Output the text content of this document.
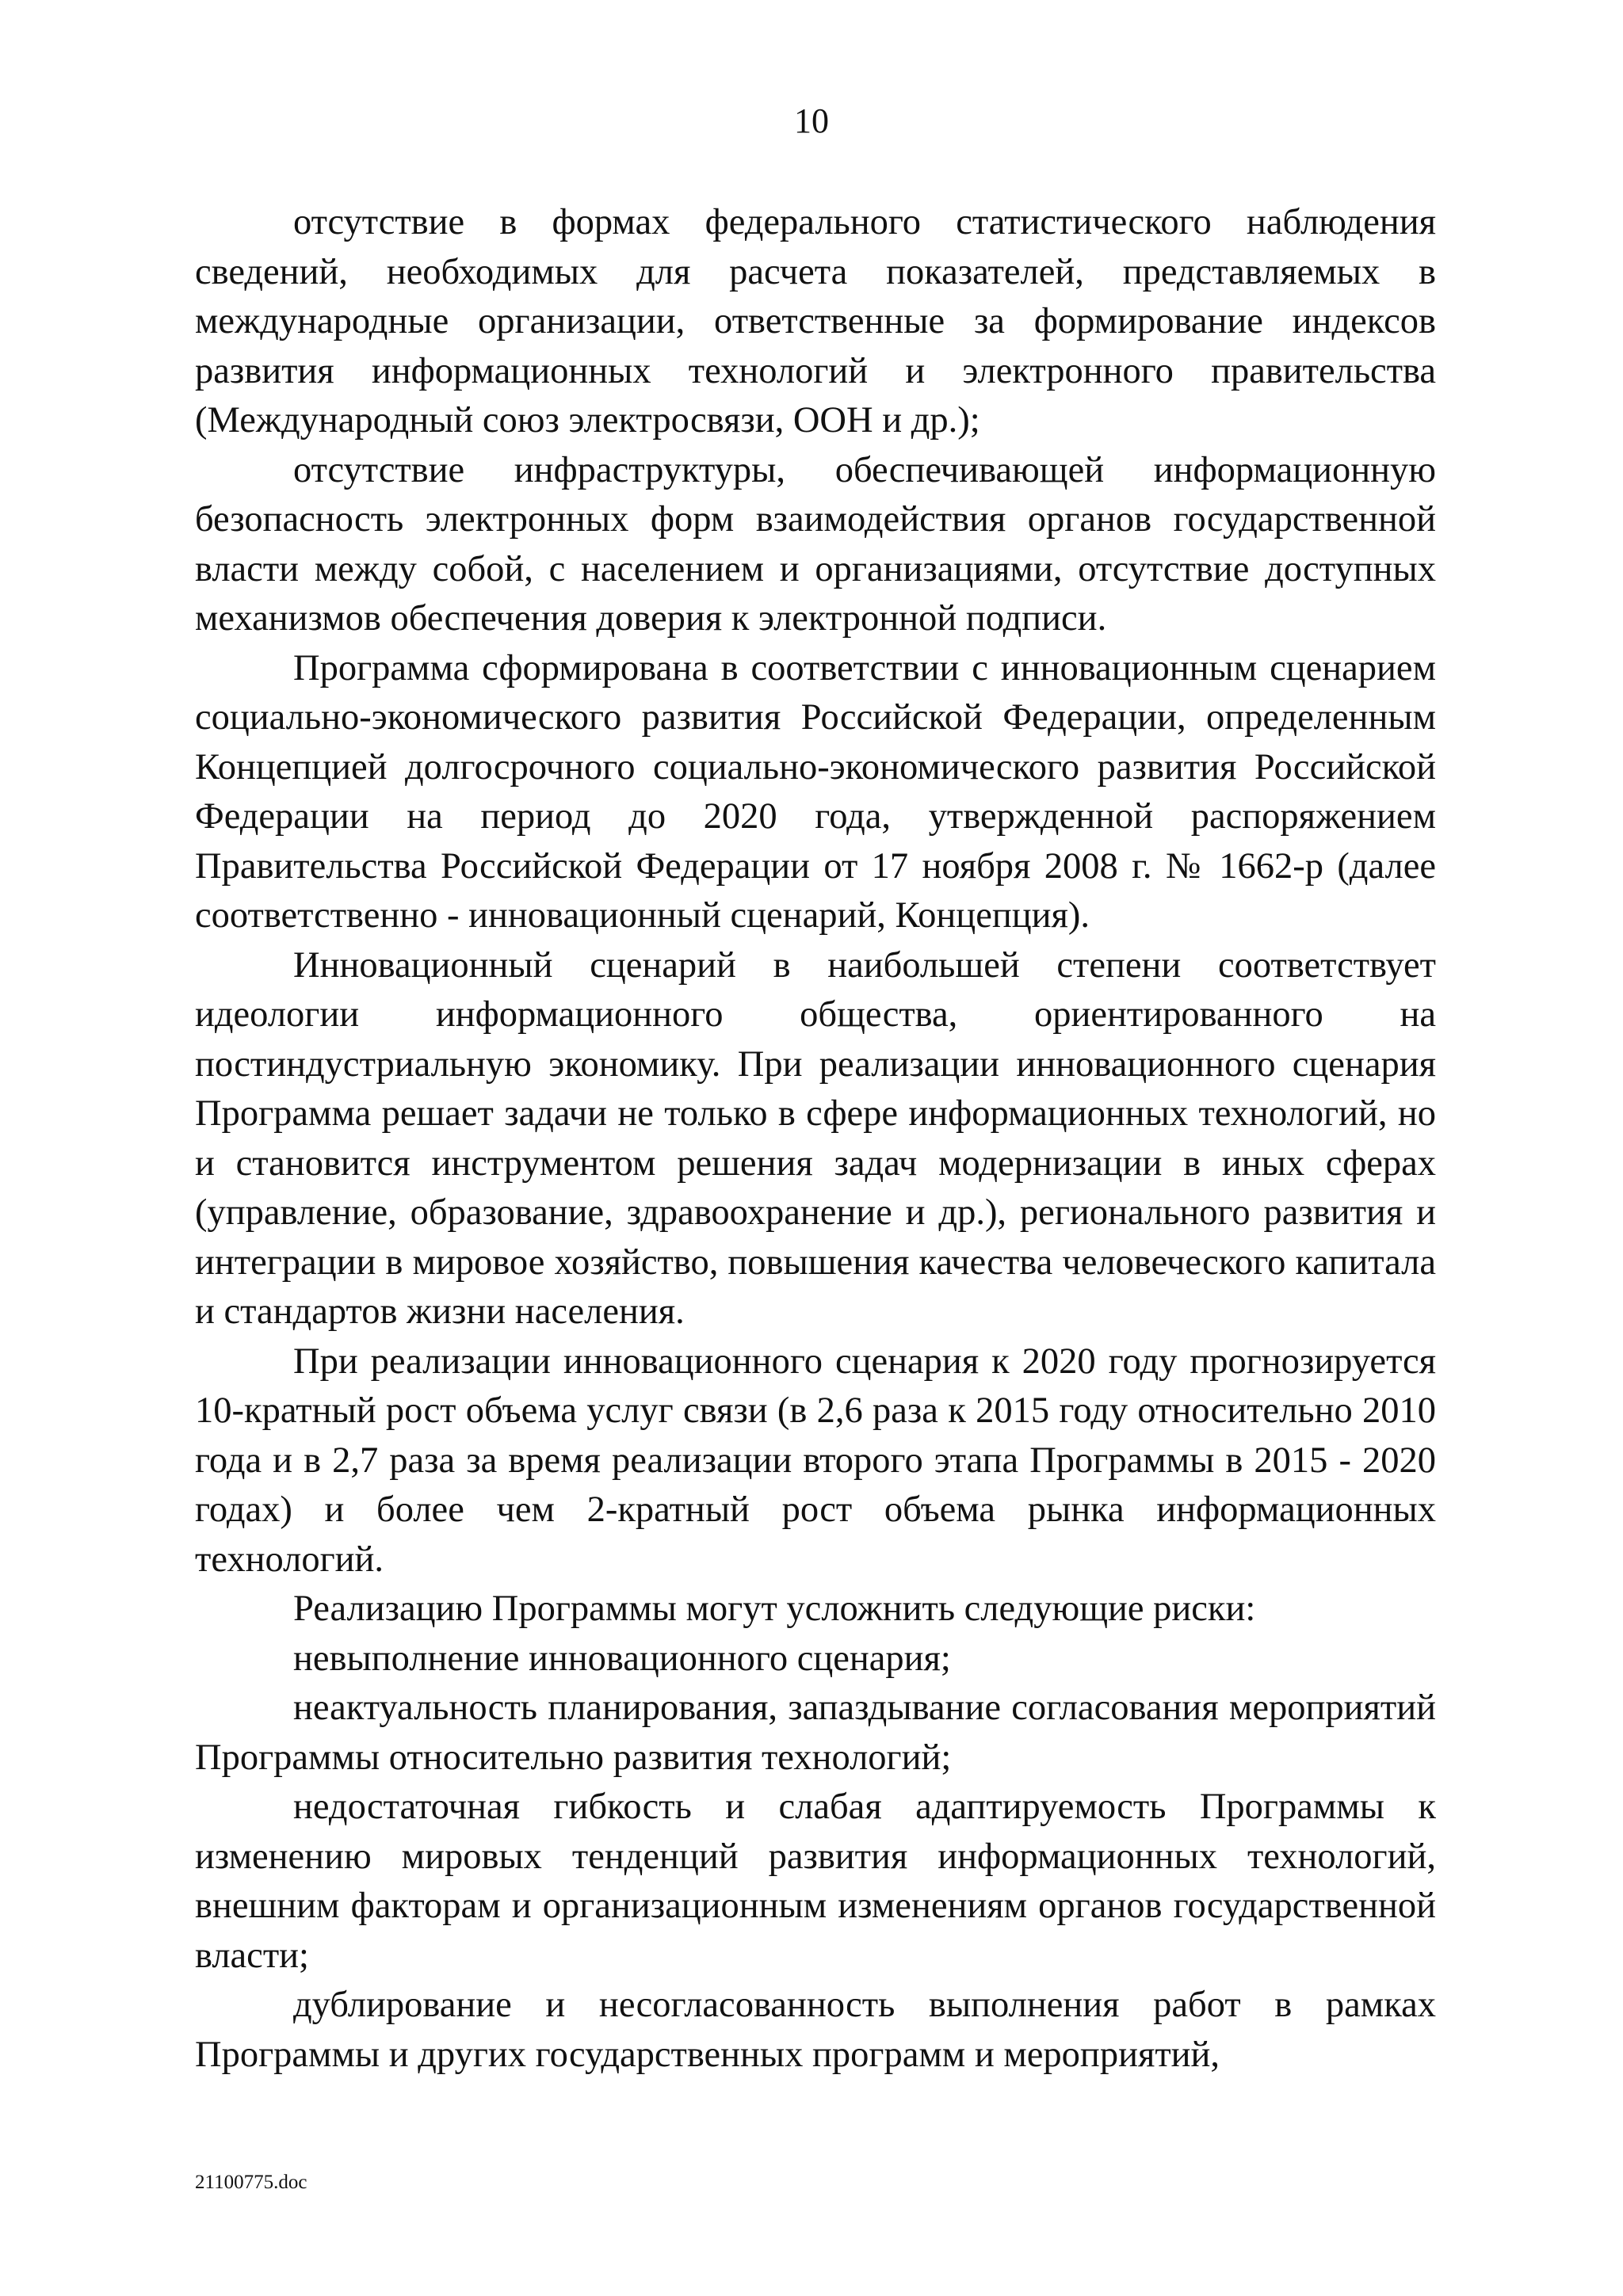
10

отсутствие в формах федерального статистического наблюдения сведений, необходимых для расчета показателей, представляемых в международные организации, ответственные за формирование индексов развития информационных технологий и электронного правительства (Международный союз электросвязи, ООН и др.);

отсутствие инфраструктуры, обеспечивающей информационную безопасность электронных форм взаимодействия органов государственной власти между собой, с населением и организациями, отсутствие доступных механизмов обеспечения доверия к электронной подписи.

Программа сформирована в соответствии с инновационным сценарием социально-экономического развития Российской Федерации, определенным Концепцией долгосрочного социально-экономического развития Российской Федерации на период до 2020 года, утвержденной распоряжением Правительства Российской Федерации от 17 ноября 2008 г. № 1662-р (далее соответственно - инновационный сценарий, Концепция).

Инновационный сценарий в наибольшей степени соответствует идеологии информационного общества, ориентированного на постиндустриальную экономику. При реализации инновационного сценария Программа решает задачи не только в сфере информационных технологий, но и становится инструментом решения задач модернизации в иных сферах (управление, образование, здравоохранение и др.), регионального развития и интеграции в мировое хозяйство, повышения качества человеческого капитала и стандартов жизни населения.

При реализации инновационного сценария к 2020 году прогнозируется 10-кратный рост объема услуг связи (в 2,6 раза к 2015 году относительно 2010 года и в 2,7 раза за время реализации второго этапа Программы в 2015 - 2020 годах) и более чем 2-кратный рост объема рынка информационных технологий.

Реализацию Программы могут усложнить следующие риски:

невыполнение инновационного сценария;

неактуальность планирования, запаздывание согласования мероприятий Программы относительно развития технологий;

недостаточная гибкость и слабая адаптируемость Программы к изменению мировых тенденций развития информационных технологий, внешним факторам и организационным изменениям органов государственной власти;

дублирование и несогласованность выполнения работ в рамках Программы и других государственных программ и мероприятий,

21100775.doc
